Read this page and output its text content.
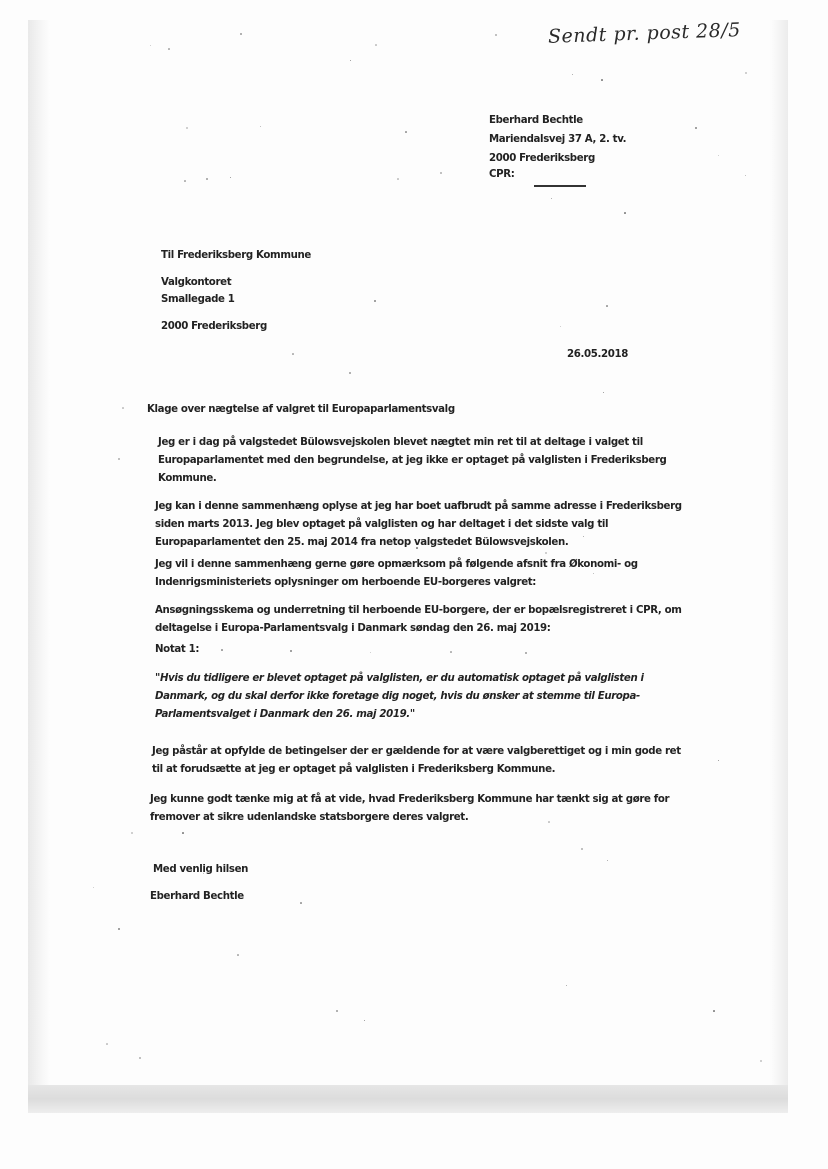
Sendt pr. post 28/5
Eberhard Bechtle
Mariendalsvej 37 A, 2. tv.
2000 Frederiksberg
CPR:
Til Frederiksberg Kommune
Valgkontoret
Smallegade 1
2000 Frederiksberg
26.05.2018
Klage over nægtelse af valgret til Europaparlamentsvalg

Jeg er i dag på valgstedet Bülowsvejskolen blevet nægtet min ret til at deltage i valget til

Europaparlamentet med den begrundelse, at jeg ikke er optaget på valglisten i Frederiksberg

Kommune.

Jeg kan i denne sammenhæng oplyse at jeg har boet uafbrudt på samme adresse i Frederiksberg

siden marts 2013. Jeg blev optaget på valglisten og har deltaget i det sidste valg til

Europaparlamentet den 25. maj 2014 fra netop valgstedet Bülowsvejskolen.

Jeg vil i denne sammenhæng gerne gøre opmærksom på følgende afsnit fra Økonomi- og

Indenrigsministeriets oplysninger om herboende EU-borgeres valgret:

Ansøgningsskema og underretning til herboende EU-borgere, der er bopælsregistreret i CPR, om

deltagelse i Europa-Parlamentsvalg i Danmark søndag den 26. maj 2019:

Notat 1:

"Hvis du tidligere er blevet optaget på valglisten, er du automatisk optaget på valglisten i

Danmark, og du skal derfor ikke foretage dig noget, hvis du ønsker at stemme til Europa-

Parlamentsvalget i Danmark den 26. maj 2019."

Jeg påstår at opfylde de betingelser der er gældende for at være valgberettiget og i min gode ret

til at forudsætte at jeg er optaget på valglisten i Frederiksberg Kommune.

Jeg kunne godt tænke mig at få at vide, hvad Frederiksberg Kommune har tænkt sig at gøre for

fremover at sikre udenlandske statsborgere deres valgret.

Med venlig hilsen
Eberhard Bechtle
